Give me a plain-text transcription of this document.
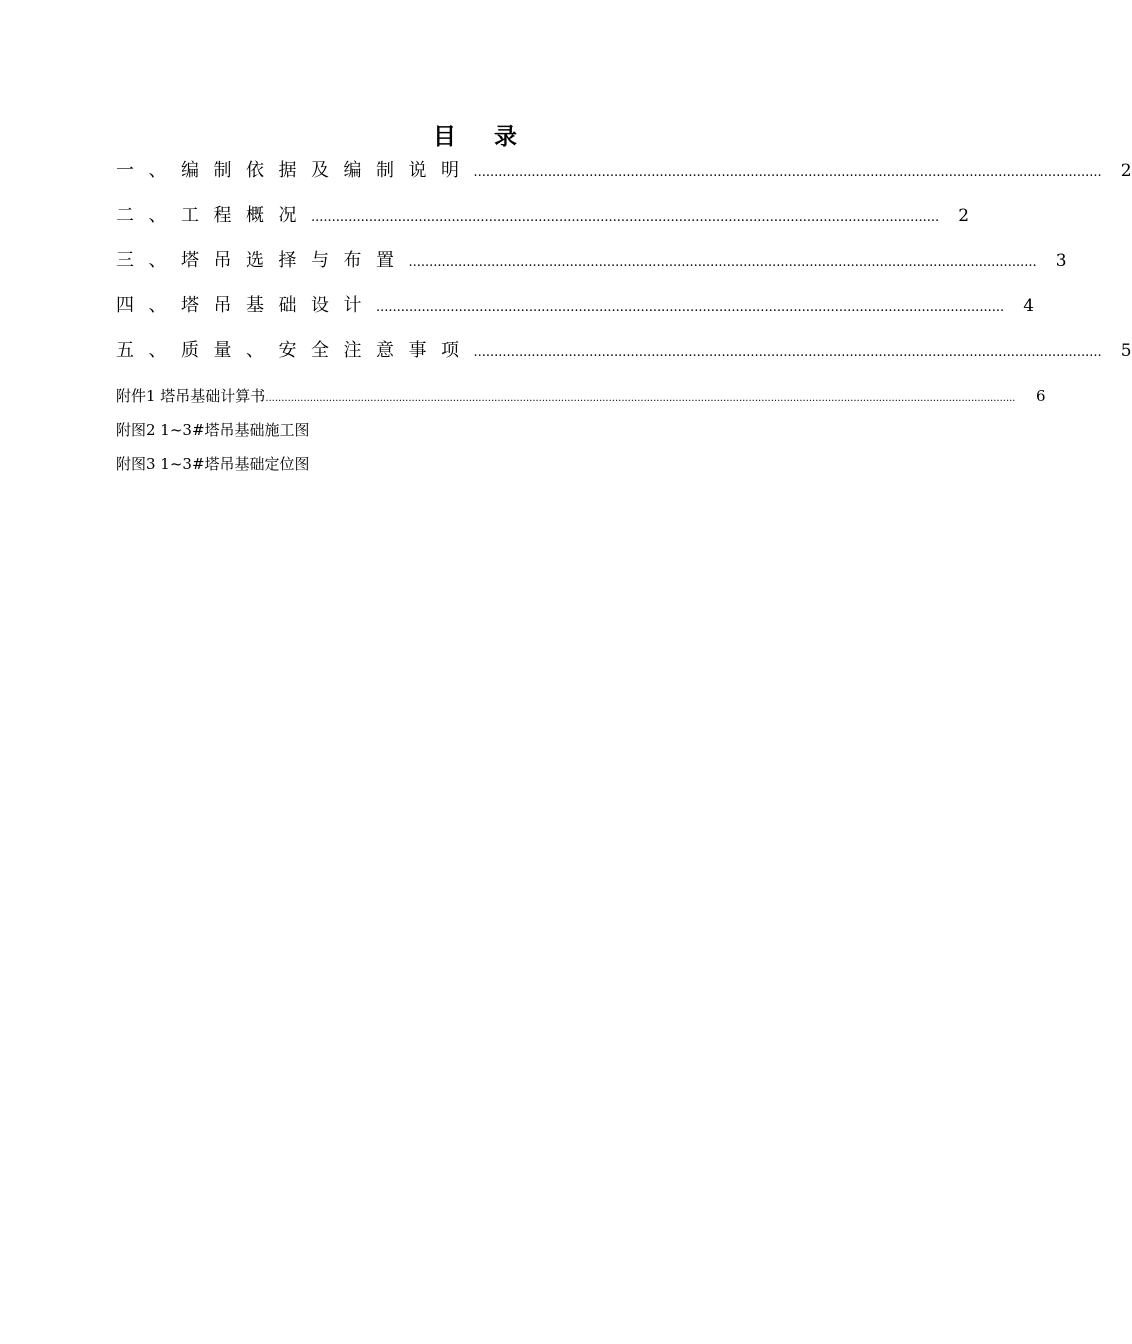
目录
一、编制依据及编制说明 ........................................................................................................................................................ 2
二、工程概况 ........................................................................................................................................................ 2
三、塔吊选择与布置 ........................................................................................................................................................ 3
四、塔吊基础设计 ........................................................................................................................................................ 4
五、质量、安全注意事项 ........................................................................................................................................................ 5
附件1 塔吊基础计算书 ............................................................................................................................................................................................................................................ 6
附图2 1~3#塔吊基础施工图
附图3 1~3#塔吊基础定位图
